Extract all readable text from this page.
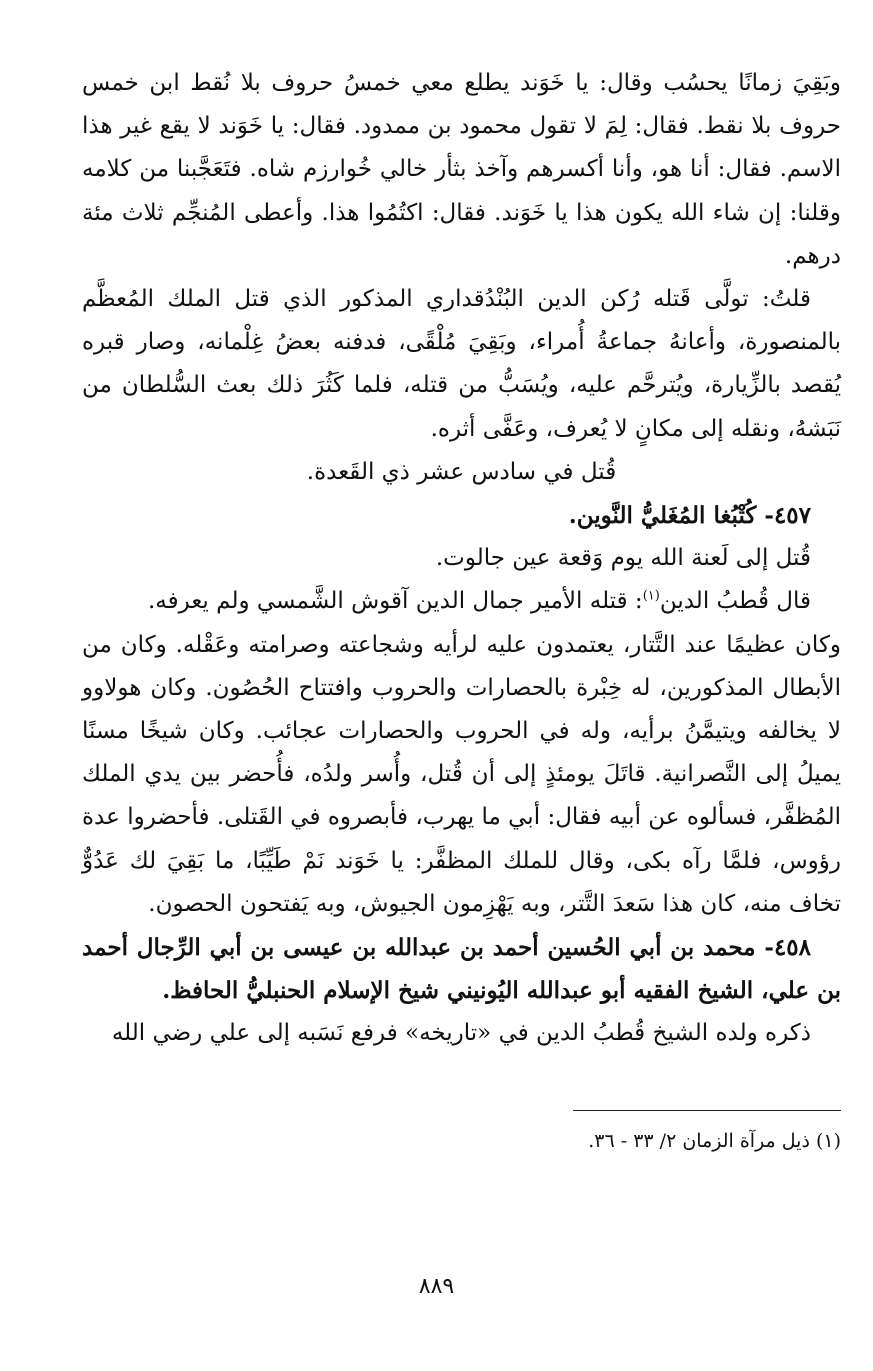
وبَقِيَ زمانًا يحسُب وقال: يا خَوَند يطلع معي خمسُ حروف بلا نُقط ابن خمس حروف بلا نقط. فقال: لِمَ لا تقول محمود بن ممدود. فقال: يا خَوَند لا يقع غير هذا الاسم. فقال: أنا هو، وأنا أكسرهم وآخذ بثأر خالي خُوارزم شاه. فتَعَجَّبنا من كلامه وقلنا: إن شاء الله يكون هذا يا خَوَند. فقال: اكتُمُوا هذا. وأعطى المُنجِّم ثلاث مئة درهم.

قلتُ: تولَّى قَتله رُكن الدين البُنْدُقداري المذكور الذي قتل الملك المُعظَّم بالمنصورة، وأعانهُ جماعةُ أُمراء، وبَقِيَ مُلْقًى، فدفنه بعضُ غِلْمانه، وصار قبره يُقصد بالزِّيارة، ويُترحَّم عليه، ويُسَبُّ من قتله، فلما كَثُرَ ذلك بعث السُّلطان من نَبَشهُ، ونقله إلى مكانٍ لا يُعرف، وعَفَّى أثره.

قُتل في سادس عشر ذي القَعدة.

٤٥٧- كُتْبُغا المُغَليُّ النَّوين.

قُتل إلى لَعنة الله يوم وَقعة عين جالوت.

قال قُطبُ الدين$^{(١)}$: قتله الأمير جمال الدين آقوش الشَّمسي ولم يعرفه.

وكان عظيمًا عند التَّتار، يعتمدون عليه لرأيه وشجاعته وصرامته وعَقْله. وكان من الأبطال المذكورين، له خِبْرة بالحصارات والحروب وافتتاح الحُصُون. وكان هولاوو لا يخالفه ويتيمَّنُ برأيه، وله في الحروب والحصارات عجائب. وكان شيخًا مسنًا يميلُ إلى النَّصرانية. قاتَلَ يومئذٍ إلى أن قُتل، وأُسر ولدُه، فأُحضر بين يدي الملك المُظفَّر، فسألوه عن أبيه فقال: أبي ما يهرب، فأبصروه في القَتلى. فأحضروا عدة رؤوس، فلمَّا رآه بكى، وقال للملك المظفَّر: يا خَوَند نَمْ طَيِّبًا، ما بَقِيَ لك عَدُوٌّ تخاف منه، كان هذا سَعدَ التَّتر، وبه يَهْزِمون الجيوش، وبه يَفتحون الحصون.

٤٥٨- محمد بن أبي الحُسين أحمد بن عبدالله بن عيسى بن أبي الرِّجال أحمد بن علي، الشيخ الفقيه أبو عبدالله اليُونيني شيخ الإسلام الحنبليُّ الحافظ.

ذكره ولده الشيخ قُطبُ الدين في «تاريخه» فرفع نَسَبه إلى علي رضي الله

(١) ذيل مرآة الزمان ٢/ ٣٣ - ٣٦.

٨٨٩
